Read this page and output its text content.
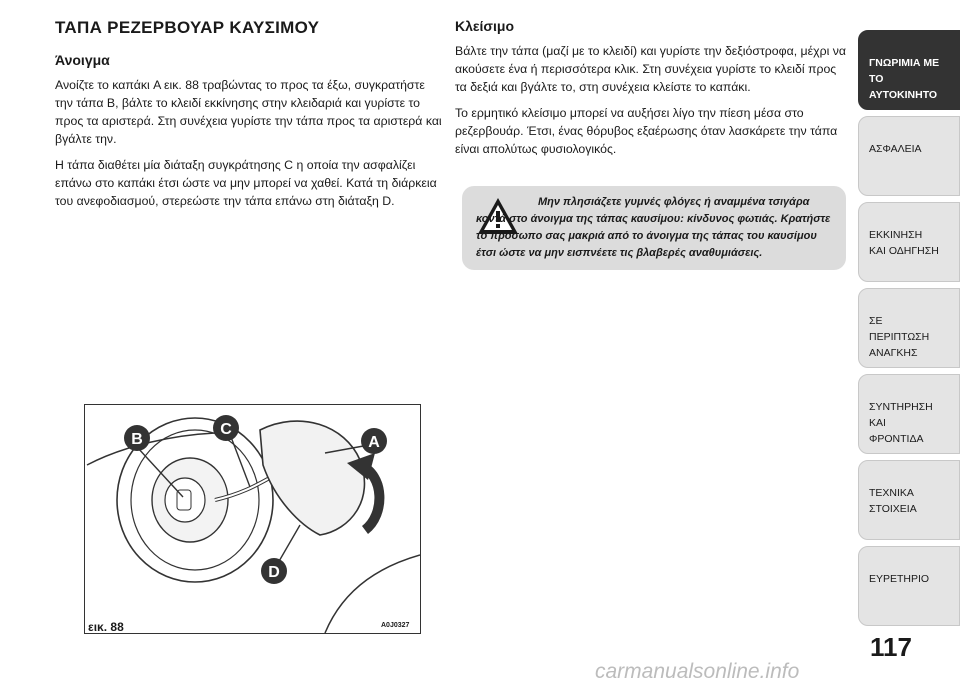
ΤΑΠΑ ΡΕΖΕΡΒΟΥΑΡ ΚΑΥΣΙΜΟΥ
Άνοιγμα

Ανοίζτε το καπάκι A εικ. 88 τραβώντας το προς τα έξω, συγκρατήστε την τάπα B, βάλτε το κλειδί εκκίνησης στην κλειδαριά και γυρίστε το προς τα αριστερά. Στη συνέχεια γυρίστε την τάπα προς τα αριστερά και βγάλτε την.

Η τάπα διαθέτει μία διάταξη συγκράτησης C η οποία την ασφαλίζει επάνω στο καπάκι έτσι ώστε να μην μπορεί να χαθεί. Κατά τη διάρκεια του ανεφοδιασμού, στερεώστε την τάπα επάνω στη διάταξη D.

Κλείσιμο

Βάλτε την τάπα (μαζί με το κλειδί) και γυρίστε την δεξιόστροφα, μέχρι να ακούσετε ένα ή περισσότερα κλικ. Στη συνέχεια γυρίστε το κλειδί προς τα δεξιά και βγάλτε το, στη συνέχεια κλείστε το καπάκι.

Το ερμητικό κλείσιμο μπορεί να αυξήσει λίγο την πίεση μέσα στο ρεζερβουάρ. Έτσι, ένας θόρυβος εξαέρωσης όταν λασκάρετε την τάπα είναι απολύτως φυσιολογικός.

Μην πλησιάζετε γυμνές φλόγες ή αναμμένα τσιγάρα κοντά στο άνοιγμα της τάπας καυσίμου: κίνδυνος φωτιάς. Κρατήστε το πρόσωπο σας μακριά από το άνοιγμα της τάπας του καυσίμου έτσι ώστε να μην εισπνέετε τις βλαβερές αναθυμιάσεις.
B
C
A
D
εικ. 88	A0J0327
ΓΝΩΡΙΜΙΑ ΜΕ ΤΟ ΑΥΤΟΚΙΝΗΤΟ
ΑΣΦΑΛΕΙΑ
ΕΚΚΙΝΗΣΗ ΚΑΙ ΟΔΗΓΗΣΗ
ΣΕ ΠΕΡΙΠΤΩΣΗ ΑΝΑΓΚΗΣ
ΣΥΝΤΗΡΗΣΗ ΚΑΙ ΦΡΟΝΤΙΔΑ
ΤΕΧΝΙΚΑ ΣΤΟΙΧΕΙΑ
ΕΥΡΕΤΗΡΙΟ
117
carmanualsonline.info
